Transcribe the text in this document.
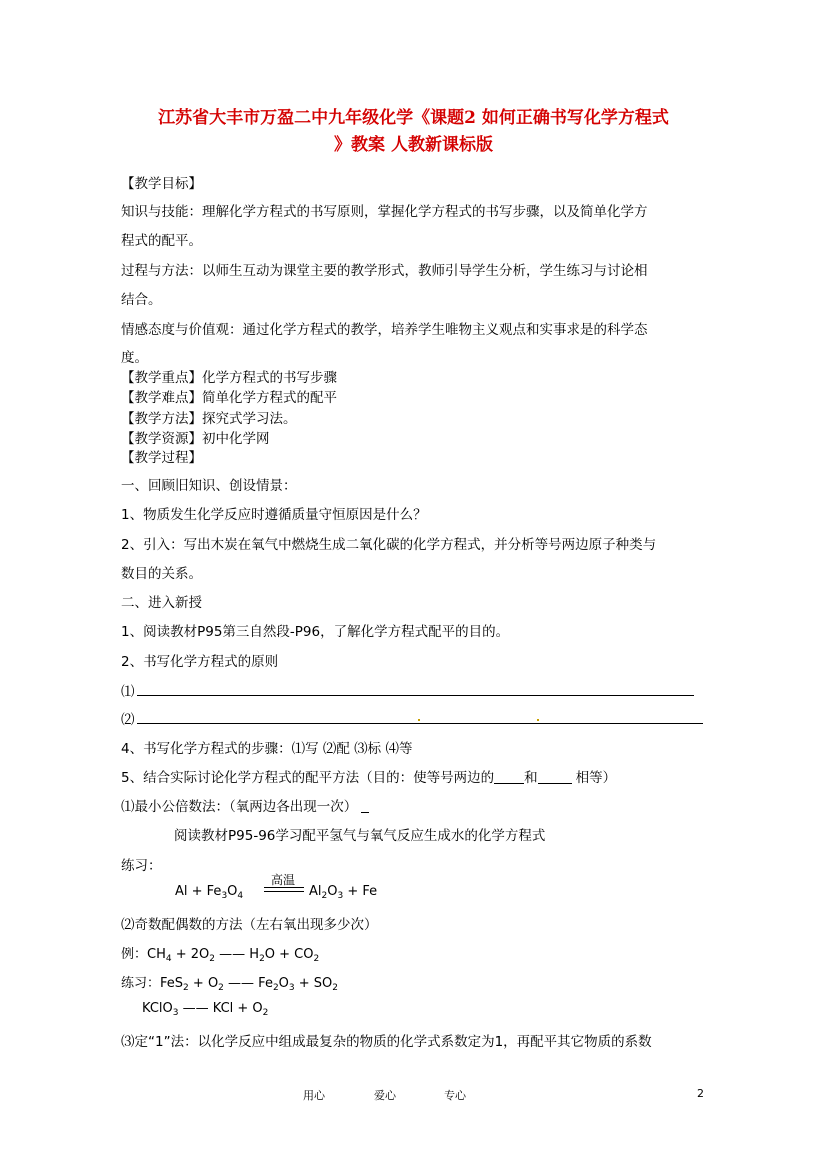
江苏省大丰市万盈二中九年级化学《课题2 如何正确书写化学方程式
》教案 人教新课标版
【教学目标】
知识与技能：理解化学方程式的书写原则，掌握化学方程式的书写步骤，以及简单化学方
程式的配平。
过程与方法：以师生互动为课堂主要的教学形式，教师引导学生分析，学生练习与讨论相
结合。
情感态度与价值观：通过化学方程式的教学，培养学生唯物主义观点和实事求是的科学态
度。
【教学重点】化学方程式的书写步骤
【教学难点】简单化学方程式的配平
【教学方法】探究式学习法。
【教学资源】初中化学网
【教学过程】
一、回顾旧知识、创设情景：
1、物质发生化学反应时遵循质量守恒原因是什么？
2、引入：写出木炭在氧气中燃烧生成二氧化碳的化学方程式，并分析等号两边原子种类与
数目的关系。
二、进入新授
1、阅读教材P95第三自然段-P96，了解化学方程式配平的目的。
2、书写化学方程式的原则
⑴
⑵
4、书写化学方程式的步骤：⑴写 ⑵配 ⑶标 ⑷等
5、结合实际讨论化学方程式的配平方法（目的：使等号两边的 和	相等）
⑴最小公倍数法：（氧两边各出现一次）
阅读教材P95-96学习配平氢气与氧气反应生成水的化学方程式
练习：
$Al + Fe_3O_4$
高温
$Al_2O_3 + Fe$
⑵奇数配偶数的方法（左右氧出现多少次）
例：$CH_4 + 2O_2$ —— $H_2O + CO_2$
练习：$FeS_2 + O_2$ —— $Fe_2O_3 + SO_2$
KClO$_3$ —— KCl + $O_2$
⑶定“1”法：以化学反应中组成最复杂的物质的化学式系数定为1，再配平其它物质的系数
用心	爱心	专心	2
